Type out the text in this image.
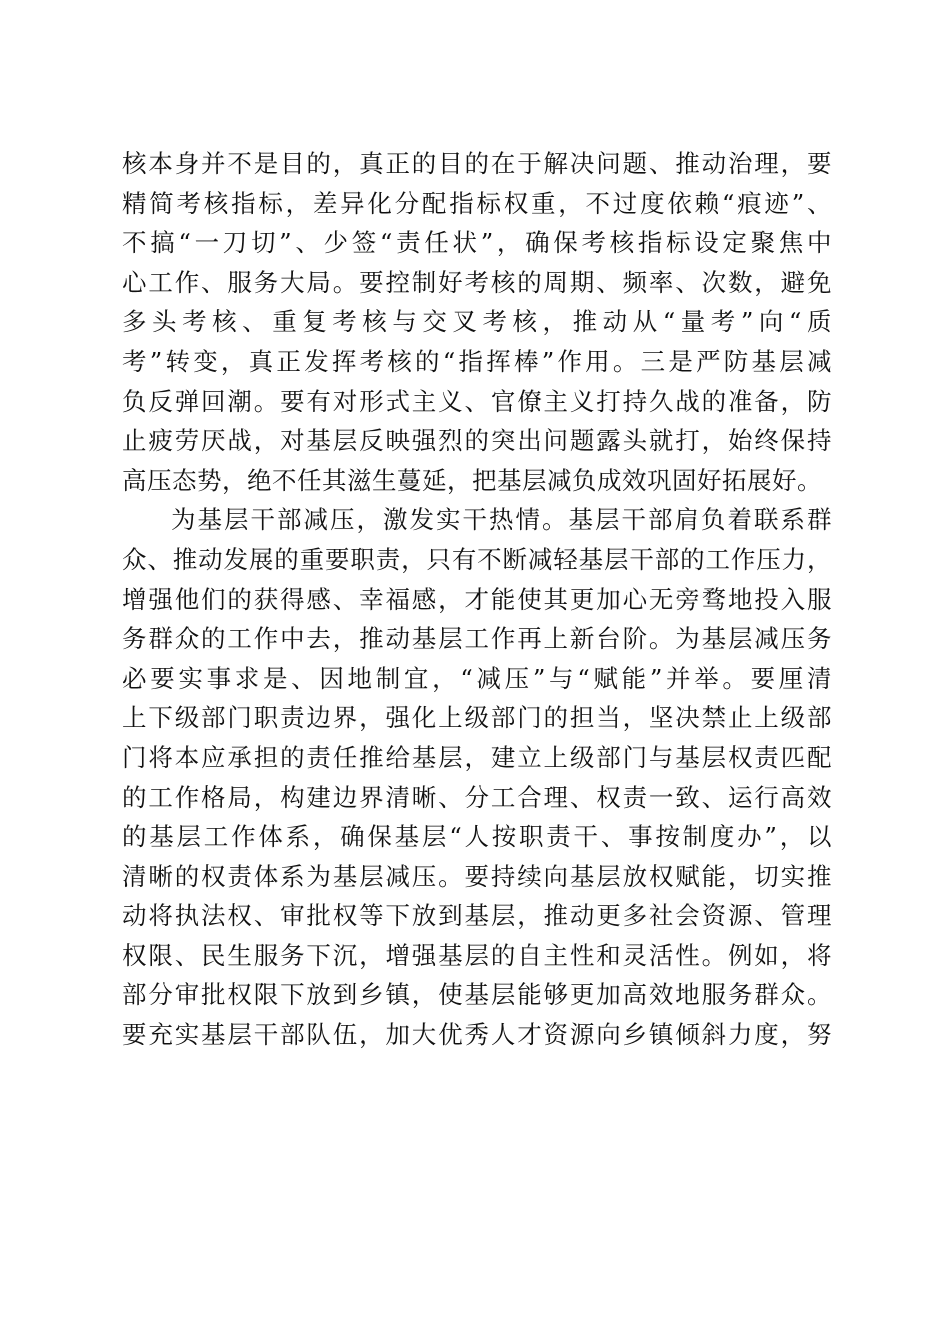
核本身并不是目的，真正的目的在于解决问题、推动治理，要
精简考核指标，差异化分配指标权重，不过度依赖“痕迹”、
不搞“一刀切”、少签“责任状”，确保考核指标设定聚焦中
心工作、服务大局。要控制好考核的周期、频率、次数，避免
多头考核、重复考核与交叉考核，推动从“量考”向“质
考”转变，真正发挥考核的“指挥棒”作用。三是严防基层减
负反弹回潮。要有对形式主义、官僚主义打持久战的准备，防
止疲劳厌战，对基层反映强烈的突出问题露头就打，始终保持
高压态势，绝不任其滋生蔓延，把基层减负成效巩固好拓展好。
为基层干部减压，激发实干热情。基层干部肩负着联系群
众、推动发展的重要职责，只有不断减轻基层干部的工作压力，
增强他们的获得感、幸福感，才能使其更加心无旁骛地投入服
务群众的工作中去，推动基层工作再上新台阶。为基层减压务
必要实事求是、因地制宜，“减压”与“赋能”并举。要厘清
上下级部门职责边界，强化上级部门的担当，坚决禁止上级部
门将本应承担的责任推给基层，建立上级部门与基层权责匹配
的工作格局，构建边界清晰、分工合理、权责一致、运行高效
的基层工作体系，确保基层“人按职责干、事按制度办”，以
清晰的权责体系为基层减压。要持续向基层放权赋能，切实推
动将执法权、审批权等下放到基层，推动更多社会资源、管理
权限、民生服务下沉，增强基层的自主性和灵活性。例如，将
部分审批权限下放到乡镇，使基层能够更加高效地服务群众。
要充实基层干部队伍，加大优秀人才资源向乡镇倾斜力度，努
